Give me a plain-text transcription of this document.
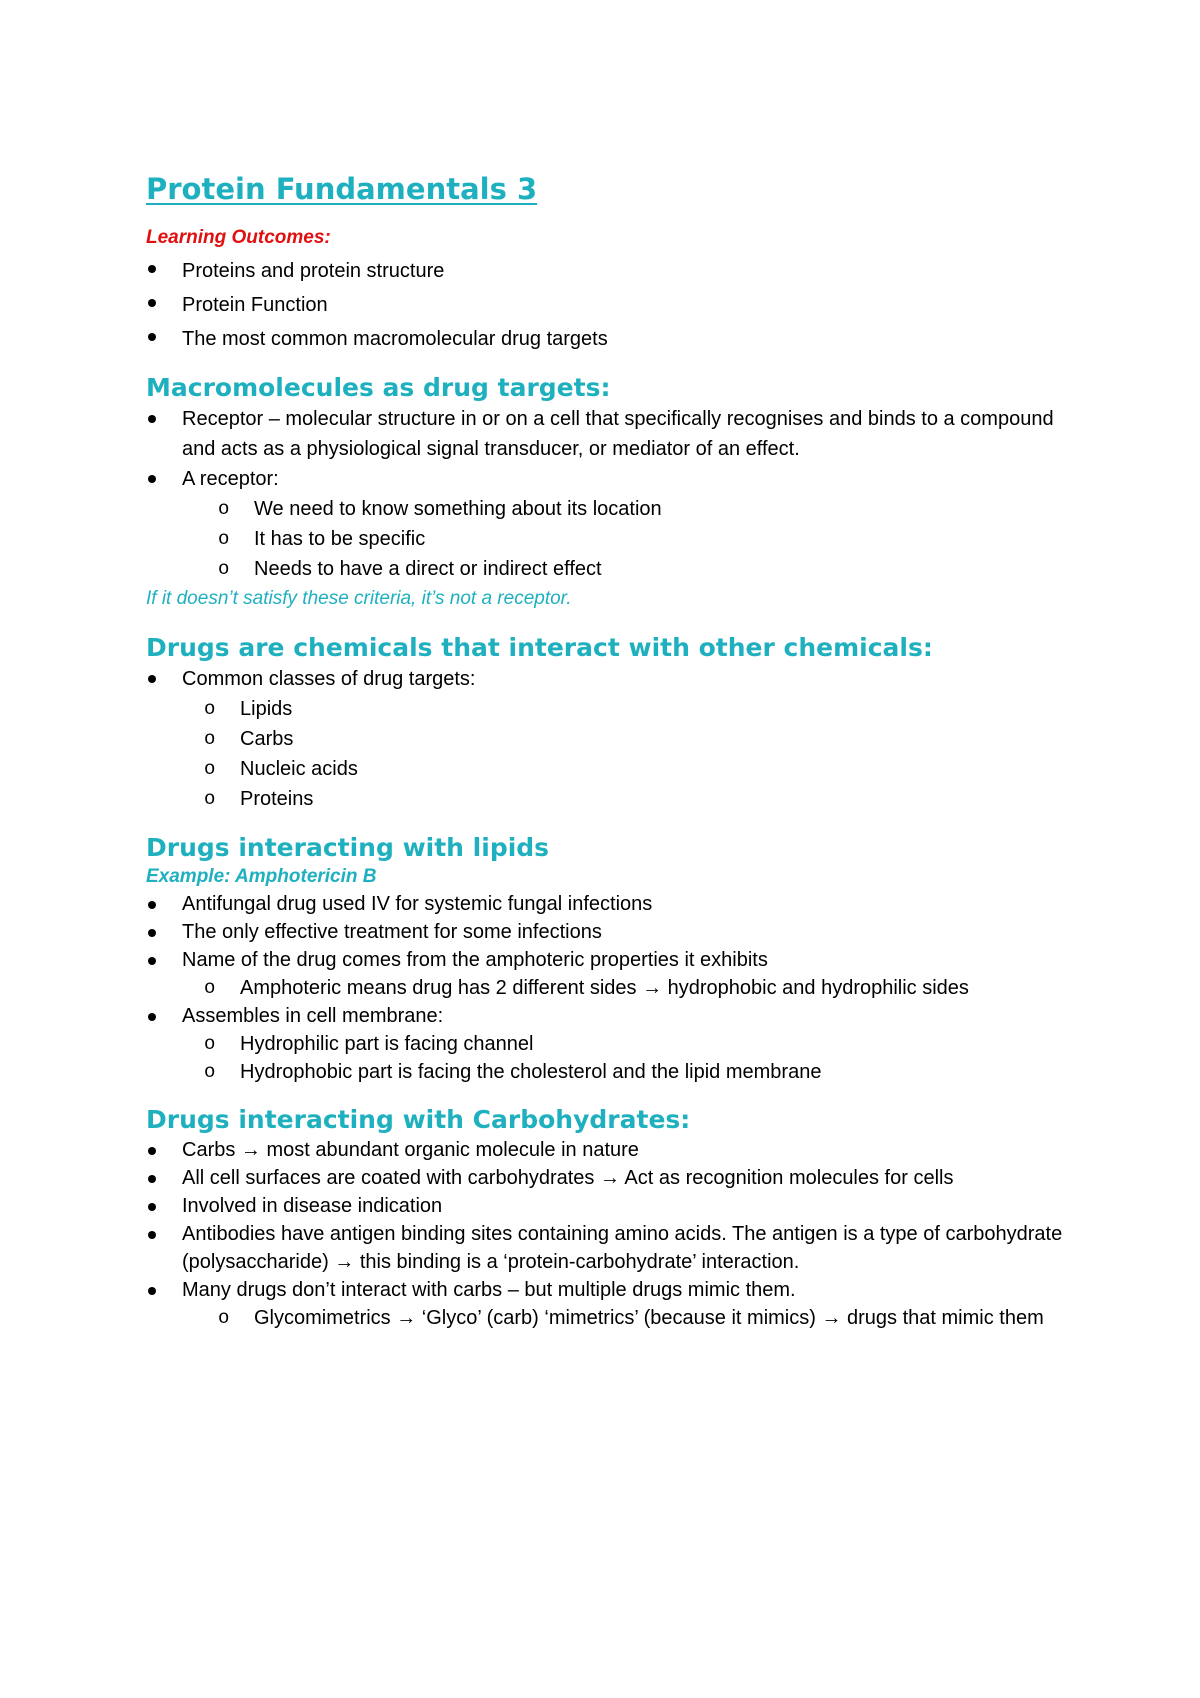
Protein Fundamentals 3
Learning Outcomes:
Proteins and protein structure
Protein Function
The most common macromolecular drug targets
Macromolecules as drug targets:
Receptor – molecular structure in or on a cell that specifically recognises and binds to a compound and acts as a physiological signal transducer, or mediator of an effect.
A receptor:
o We need to know something about its location
o It has to be specific
o Needs to have a direct or indirect effect
If it doesn’t satisfy these criteria, it’s not a receptor.
Drugs are chemicals that interact with other chemicals:
Common classes of drug targets:
o Lipids
o Carbs
o Nucleic acids
o Proteins
Drugs interacting with lipids
Example: Amphotericin B
Antifungal drug used IV for systemic fungal infections
The only effective treatment for some infections
Name of the drug comes from the amphoteric properties it exhibits
o Amphoteric means drug has 2 different sides → hydrophobic and hydrophilic sides
Assembles in cell membrane:
o Hydrophilic part is facing channel
o Hydrophobic part is facing the cholesterol and the lipid membrane
Drugs interacting with Carbohydrates:
Carbs → most abundant organic molecule in nature
All cell surfaces are coated with carbohydrates → Act as recognition molecules for cells
Involved in disease indication
Antibodies have antigen binding sites containing amino acids. The antigen is a type of carbohydrate (polysaccharide) → this binding is a ‘protein-carbohydrate’ interaction.
Many drugs don’t interact with carbs – but multiple drugs mimic them.
o Glycomimetrics → ‘Glyco’ (carb) ‘mimetrics’ (because it mimics) → drugs that mimic them
